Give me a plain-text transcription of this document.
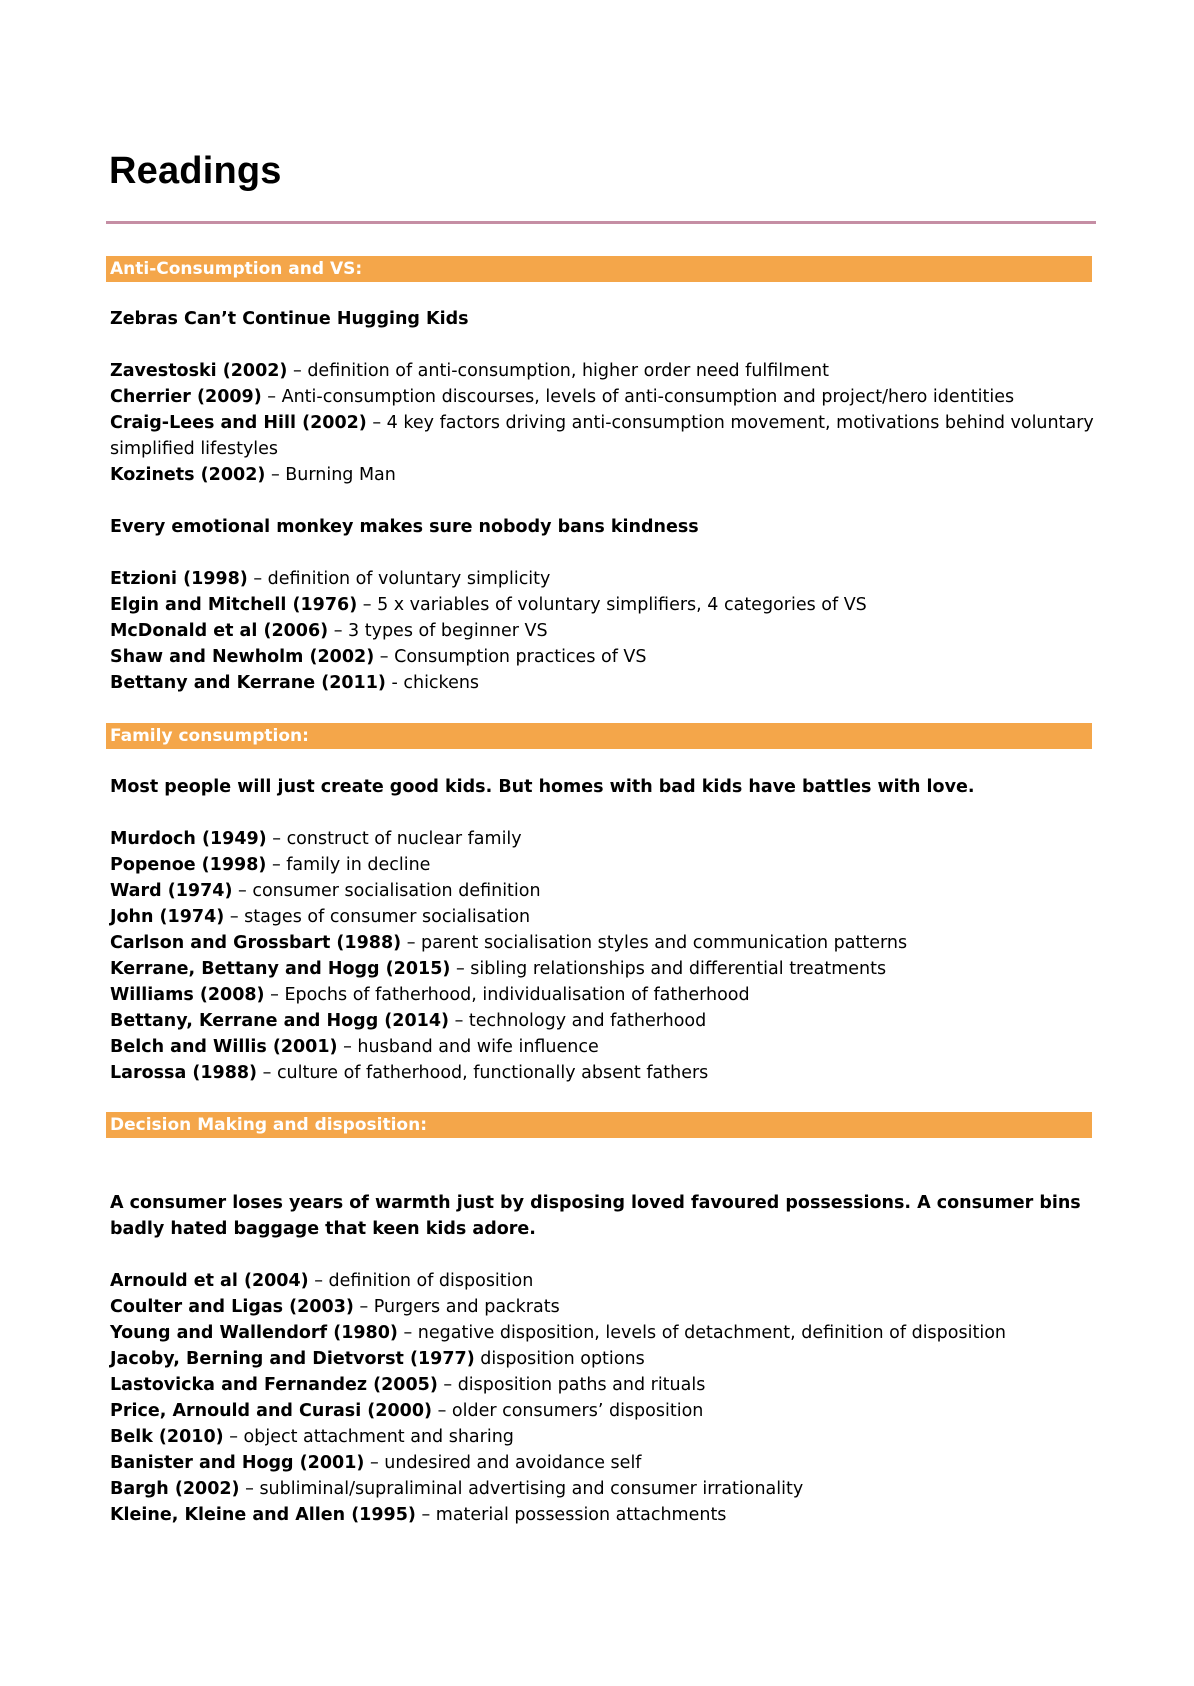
Readings
Anti-Consumption and VS:

Zebras Can’t Continue Hugging Kids

Zavestoski (2002) – definition of anti-consumption, higher order need fulfilment
Cherrier (2009) – Anti-consumption discourses, levels of anti-consumption and project/hero identities
Craig-Lees and Hill (2002) – 4 key factors driving anti-consumption movement, motivations behind voluntary simplified lifestyles
Kozinets (2002) – Burning Man

Every emotional monkey makes sure nobody bans kindness

Etzioni (1998) – definition of voluntary simplicity
Elgin and Mitchell (1976) – 5 x variables of voluntary simplifiers, 4 categories of VS
McDonald et al (2006) – 3 types of beginner VS
Shaw and Newholm (2002) – Consumption practices of VS
Bettany and Kerrane (2011) - chickens
Family consumption:

Most people will just create good kids. But homes with bad kids have battles with love.

Murdoch (1949) – construct of nuclear family
Popenoe (1998) – family in decline
Ward (1974) – consumer socialisation definition
John (1974) – stages of consumer socialisation
Carlson and Grossbart (1988) – parent socialisation styles and communication patterns
Kerrane, Bettany and Hogg (2015) – sibling relationships and differential treatments
Williams (2008) – Epochs of fatherhood, individualisation of fatherhood
Bettany, Kerrane and Hogg (2014) – technology and fatherhood
Belch and Willis (2001) – husband and wife influence
Larossa (1988) – culture of fatherhood, functionally absent fathers
Decision Making and disposition:

A consumer loses years of warmth just by disposing loved favoured possessions. A consumer bins badly hated baggage that keen kids adore.

Arnould et al (2004) – definition of disposition
Coulter and Ligas (2003) – Purgers and packrats
Young and Wallendorf (1980) – negative disposition, levels of detachment, definition of disposition
Jacoby, Berning and Dietvorst (1977) disposition options
Lastovicka and Fernandez (2005) – disposition paths and rituals
Price, Arnould and Curasi (2000) – older consumers’ disposition
Belk (2010) – object attachment and sharing
Banister and Hogg (2001) – undesired and avoidance self
Bargh (2002) – subliminal/supraliminal advertising and consumer irrationality
Kleine, Kleine and Allen (1995) – material possession attachments
